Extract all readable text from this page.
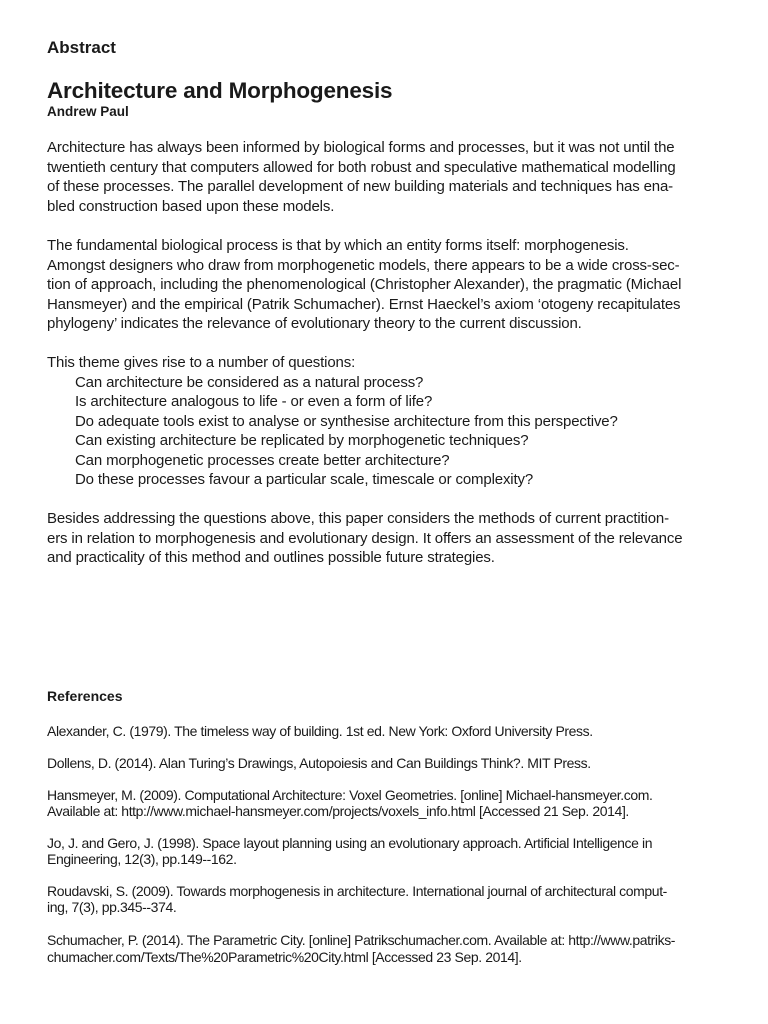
Abstract
Architecture and Morphogenesis
Andrew Paul
Architecture has always been informed by biological forms and processes, but it was not until the
twentieth century that computers allowed for both robust and speculative mathematical modelling
of these processes. The parallel development of new building materials and techniques has ena-
bled construction based upon these models.
The fundamental biological process is that by which an entity forms itself: morphogenesis.
Amongst designers who draw from morphogenetic models, there appears to be a wide cross-sec-
tion of approach, including the phenomenological (Christopher Alexander), the pragmatic (Michael
Hansmeyer) and the empirical (Patrik Schumacher). Ernst Haeckel’s axiom ‘otogeny recapitulates
phylogeny’ indicates the relevance of evolutionary theory to the current discussion.
This theme gives rise to a number of questions:
Can architecture be considered as a natural process?
Is architecture analogous to life - or even a form of life?
Do adequate tools exist to analyse or synthesise architecture from this perspective?
Can existing architecture be replicated by morphogenetic techniques?
Can morphogenetic processes create better architecture?
Do these processes favour a particular scale, timescale or complexity?
Besides addressing the questions above, this paper considers the methods of current practition-
ers in relation to morphogenesis and evolutionary design. It offers an assessment of the relevance
and practicality of this method and outlines possible future strategies.
References
Alexander, C. (1979). The timeless way of building. 1st ed. New York: Oxford University Press.
Dollens, D. (2014). Alan Turing’s Drawings, Autopoiesis and Can Buildings Think?. MIT Press.
Hansmeyer, M. (2009). Computational Architecture: Voxel Geometries. [online] Michael-hansmeyer.com.
Available at: http://www.michael-hansmeyer.com/projects/voxels_info.html [Accessed 21 Sep. 2014].
Jo, J. and Gero, J. (1998). Space layout planning using an evolutionary approach. Artificial Intelligence in
Engineering, 12(3), pp.149--162.
Roudavski, S. (2009). Towards morphogenesis in architecture. International journal of architectural comput-
ing, 7(3), pp.345--374.
Schumacher, P. (2014). The Parametric City. [online] Patrikschumacher.com. Available at: http://www.patriks-
chumacher.com/Texts/The%20Parametric%20City.html [Accessed 23 Sep. 2014].
